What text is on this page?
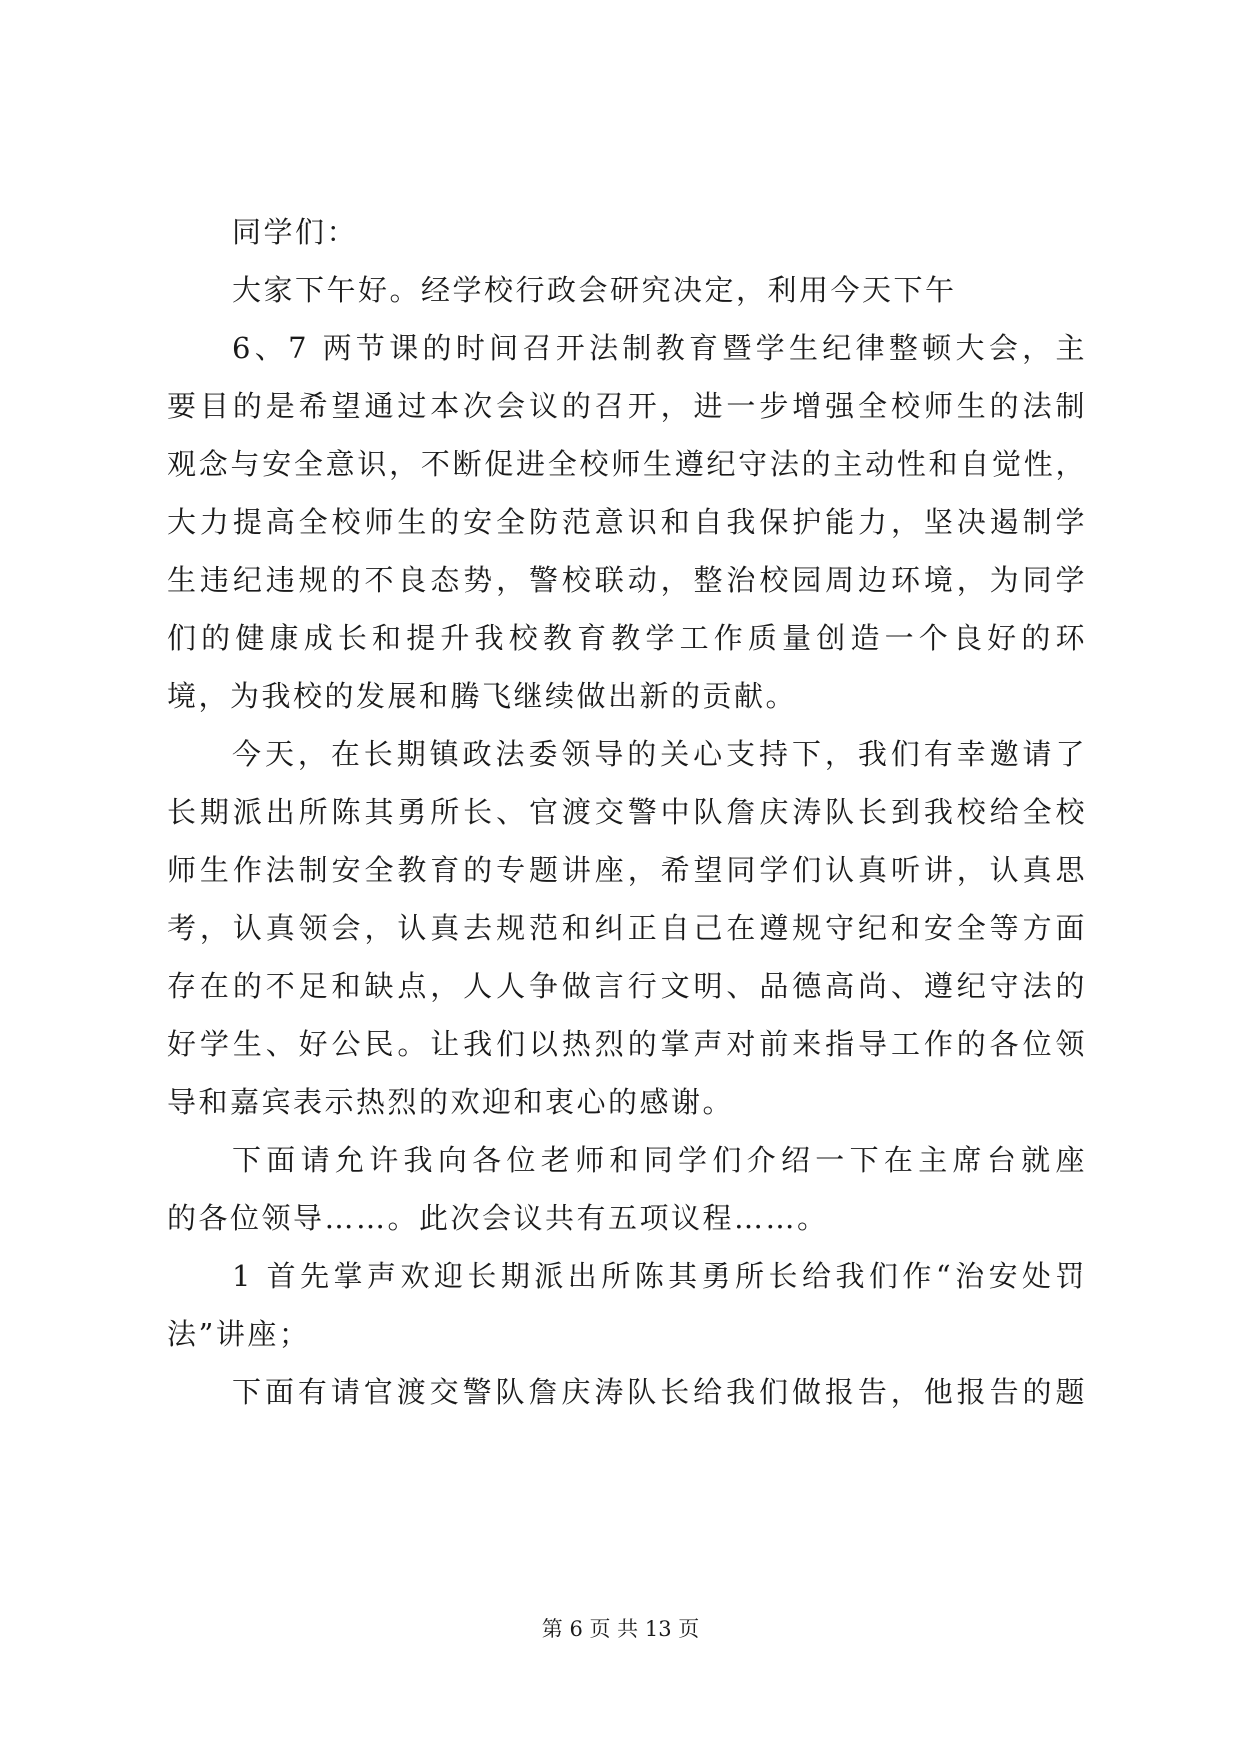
同学们：
大家下午好。经学校行政会研究决定，利用今天下午
6、7 两节课的时间召开法制教育暨学生纪律整顿大会，主
要目的是希望通过本次会议的召开，进一步增强全校师生的法制
观念与安全意识，不断促进全校师生遵纪守法的主动性和自觉性，
大力提高全校师生的安全防范意识和自我保护能力，坚决遏制学
生违纪违规的不良态势，警校联动，整治校园周边环境，为同学
们的健康成长和提升我校教育教学工作质量创造一个良好的环
境，为我校的发展和腾飞继续做出新的贡献。
今天，在长期镇政法委领导的关心支持下，我们有幸邀请了
长期派出所陈其勇所长、官渡交警中队詹庆涛队长到我校给全校
师生作法制安全教育的专题讲座，希望同学们认真听讲，认真思
考，认真领会，认真去规范和纠正自己在遵规守纪和安全等方面
存在的不足和缺点，人人争做言行文明、品德高尚、遵纪守法的
好学生、好公民。让我们以热烈的掌声对前来指导工作的各位领
导和嘉宾表示热烈的欢迎和衷心的感谢。
下面请允许我向各位老师和同学们介绍一下在主席台就座
的各位领导……。此次会议共有五项议程……。
1 首先掌声欢迎长期派出所陈其勇所长给我们作“治安处罚
法”讲座；
下面有请官渡交警队詹庆涛队长给我们做报告，他报告的题
第 6 页 共 13 页
